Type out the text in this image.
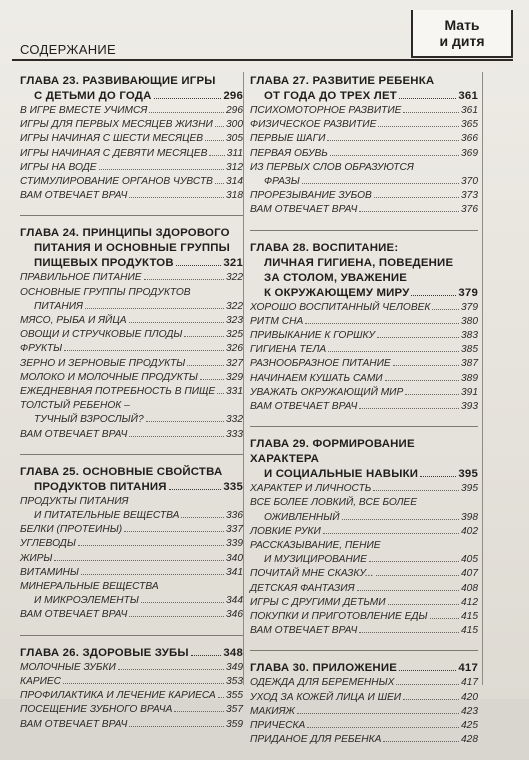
Мать
и дитя
СОДЕРЖАНИЕ
ГЛАВА 23. РАЗВИВАЮЩИЕ ИГРЫ
С ДЕТЬМИ ДО ГОДА	296
В ИГРЕ ВМЕСТЕ УЧИМСЯ	296
ИГРЫ ДЛЯ ПЕРВЫХ МЕСЯЦЕВ ЖИЗНИ 300
ИГРЫ НАЧИНАЯ С ШЕСТИ МЕСЯЦЕВ 305
ИГРЫ НАЧИНАЯ С ДЕВЯТИ МЕСЯЦЕВ 311
ИГРЫ НА ВОДЕ	312
СТИМУЛИРОВАНИЕ ОРГАНОВ ЧУВСТВ 314
ВАМ ОТВЕЧАЕТ ВРАЧ	318
ГЛАВА 24. ПРИНЦИПЫ ЗДОРОВОГО
ПИТАНИЯ И ОСНОВНЫЕ ГРУППЫ
ПИЩЕВЫХ ПРОДУКТОВ	321
ПРАВИЛЬНОЕ ПИТАНИЕ	322
ОСНОВНЫЕ ГРУППЫ ПРОДУКТОВ
ПИТАНИЯ	322
МЯСО, РЫБА И ЯЙЦА	323
ОВОЩИ И СТРУЧКОВЫЕ ПЛОДЫ	325
ФРУКТЫ	326
ЗЕРНО И ЗЕРНОВЫЕ ПРОДУКТЫ	327
МОЛОКО И МОЛОЧНЫЕ ПРОДУКТЫ	329
ЕЖЕДНЕВНАЯ ПОТРЕБНОСТЬ В ПИЩЕ 331
ТОЛСТЫЙ РЕБЕНОК –
ТУЧНЫЙ ВЗРОСЛЫЙ?	332
ВАМ ОТВЕЧАЕТ ВРАЧ	333
ГЛАВА 25. ОСНОВНЫЕ СВОЙСТВА
ПРОДУКТОВ ПИТАНИЯ	335
ПРОДУКТЫ ПИТАНИЯ
И ПИТАТЕЛЬНЫЕ ВЕЩЕСТВА	336
БЕЛКИ (ПРОТЕИНЫ)	337
УГЛЕВОДЫ	339
ЖИРЫ	340
ВИТАМИНЫ	341
МИНЕРАЛЬНЫЕ ВЕЩЕСТВА
И МИКРОЭЛЕМЕНТЫ	344
ВАМ ОТВЕЧАЕТ ВРАЧ	346
ГЛАВА 26. ЗДОРОВЫЕ ЗУБЫ	348
МОЛОЧНЫЕ ЗУБКИ	349
КАРИЕС	353
ПРОФИЛАКТИКА И ЛЕЧЕНИЕ КАРИЕСА 355
ПОСЕЩЕНИЕ ЗУБНОГО ВРАЧА	357
ВАМ ОТВЕЧАЕТ ВРАЧ	359
ГЛАВА 27. РАЗВИТИЕ РЕБЕНКА
ОТ ГОДА ДО ТРЕХ ЛЕТ	361
ПСИХОМОТОРНОЕ РАЗВИТИЕ	361
ФИЗИЧЕСКОЕ РАЗВИТИЕ	365
ПЕРВЫЕ ШАГИ	366
ПЕРВАЯ ОБУВЬ	369
ИЗ ПЕРВЫХ СЛОВ ОБРАЗУЮТСЯ
ФРАЗЫ	370
ПРОРЕЗЫВАНИЕ ЗУБОВ	373
ВАМ ОТВЕЧАЕТ ВРАЧ	376
ГЛАВА 28. ВОСПИТАНИЕ:
ЛИЧНАЯ ГИГИЕНА, ПОВЕДЕНИЕ
ЗА СТОЛОМ, УВАЖЕНИЕ
К ОКРУЖАЮЩЕМУ МИРУ	379
ХОРОШО ВОСПИТАННЫЙ ЧЕЛОВЕК	379
РИТМ СНА	380
ПРИВЫКАНИЕ К ГОРШКУ	383
ГИГИЕНА ТЕЛА	385
РАЗНООБРАЗНОЕ ПИТАНИЕ	387
НАЧИНАЕМ КУШАТЬ САМИ	389
УВАЖАТЬ ОКРУЖАЮЩИЙ МИР	391
ВАМ ОТВЕЧАЕТ ВРАЧ	393
ГЛАВА 29. ФОРМИРОВАНИЕ ХАРАКТЕРА
И СОЦИАЛЬНЫЕ НАВЫКИ	395
ХАРАКТЕР И ЛИЧНОСТЬ	395
ВСЕ БОЛЕЕ ЛОВКИЙ, ВСЕ БОЛЕЕ
ОЖИВЛЕННЫЙ	398
ЛОВКИЕ РУКИ	402
РАССКАЗЫВАНИЕ, ПЕНИЕ
И МУЗИЦИРОВАНИЕ	405
ПОЧИТАЙ МНЕ СКАЗКУ...	407
ДЕТСКАЯ ФАНТАЗИЯ	408
ИГРЫ С ДРУГИМИ ДЕТЬМИ	412
ПОКУПКИ И ПРИГОТОВЛЕНИЕ ЕДЫ	415
ВАМ ОТВЕЧАЕТ ВРАЧ	415
ГЛАВА 30. ПРИЛОЖЕНИЕ	417
ОДЕЖДА ДЛЯ БЕРЕМЕННЫХ	417
УХОД ЗА КОЖЕЙ ЛИЦА И ШЕИ	420
МАКИЯЖ	423
ПРИЧЕСКА	425
ПРИДАНОЕ ДЛЯ РЕБЕНКА	428
